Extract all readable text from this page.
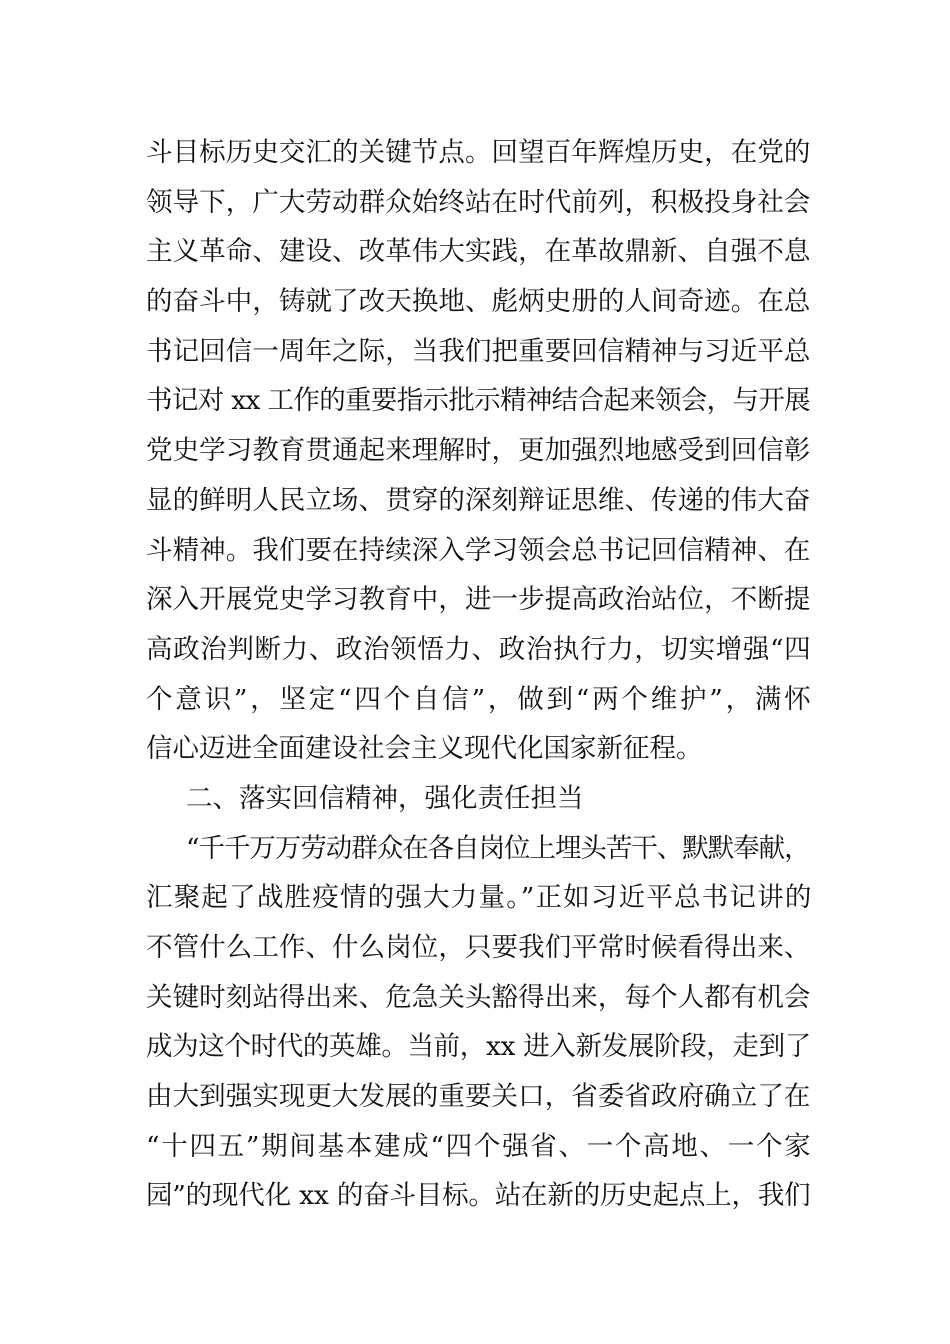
斗目标历史交汇的关键节点。回望百年辉煌历史，在党的
领导下，广大劳动群众始终站在时代前列，积极投身社会
主义革命、建设、改革伟大实践，在革故鼎新、自强不息
的奋斗中，铸就了改天换地、彪炳史册的人间奇迹。在总
书记回信一周年之际，当我们把重要回信精神与习近平总
书记对 xx 工作的重要指示批示精神结合起来领会，与开展
党史学习教育贯通起来理解时，更加强烈地感受到回信彰
显的鲜明人民立场、贯穿的深刻辩证思维、传递的伟大奋
斗精神。我们要在持续深入学习领会总书记回信精神、在
深入开展党史学习教育中，进一步提高政治站位，不断提
高政治判断力、政治领悟力、政治执行力，切实增强“四
个意识”，坚定“四个自信”，做到“两个维护”，满怀
信心迈进全面建设社会主义现代化国家新征程。
二、落实回信精神，强化责任担当
“千千万万劳动群众在各自岗位上埋头苦干、默默奉献，
汇聚起了战胜疫情的强大力量。”正如习近平总书记讲的
不管什么工作、什么岗位，只要我们平常时候看得出来、
关键时刻站得出来、危急关头豁得出来，每个人都有机会
成为这个时代的英雄。当前，xx 进入新发展阶段，走到了
由大到强实现更大发展的重要关口，省委省政府确立了在
“十四五”期间基本建成“四个强省、一个高地、一个家
园”的现代化 xx 的奋斗目标。站在新的历史起点上，我们
